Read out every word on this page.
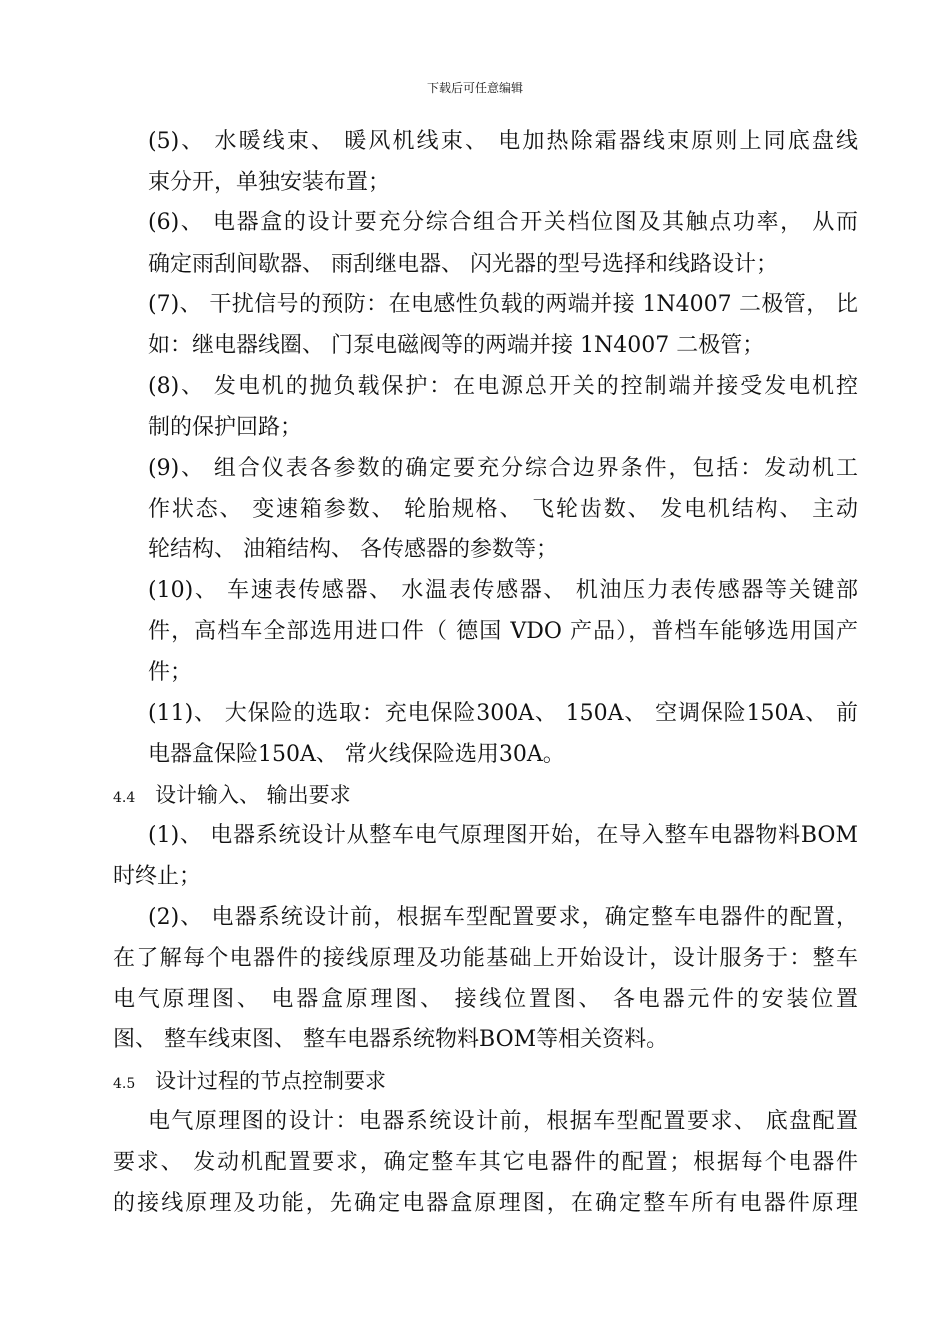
下载后可任意编辑
(5)、 水暖线束、 暖风机线束、 电加热除霜器线束原则上同底盘线
束分开，单独安装布置；
(6)、 电器盒的设计要充分综合组合开关档位图及其触点功率， 从而
确定雨刮间歇器、 雨刮继电器、 闪光器的型号选择和线路设计；
(7)、 干扰信号的预防：在电感性负载的两端并接 1N4007 二极管， 比
如：继电器线圈、 门泵电磁阀等的两端并接 1N4007 二极管；
(8)、 发电机的抛负载保护：在电源总开关的控制端并接受发电机控
制的保护回路；
(9)、 组合仪表各参数的确定要充分综合边界条件，包括：发动机工
作状态、 变速箱参数、 轮胎规格、 飞轮齿数、 发电机结构、 主动
轮结构、 油箱结构、 各传感器的参数等；
(10)、 车速表传感器、 水温表传感器、 机油压力表传感器等关键部
件，高档车全部选用进口件（ 德国 VDO 产品），普档车能够选用国产
件；
(11)、 大保险的选取：充电保险300A、 150A、 空调保险150A、 前
电器盒保险150A、 常火线保险选用30A。
4.4 设计输入、 输出要求
(1)、 电器系统设计从整车电气原理图开始，在导入整车电器物料BOM
时终止；
(2)、 电器系统设计前，根据车型配置要求，确定整车电器件的配置，
在了解每个电器件的接线原理及功能基础上开始设计，设计服务于：整车
电气原理图、 电器盒原理图、 接线位置图、 各电器元件的安装位置
图、 整车线束图、 整车电器系统物料BOM等相关资料。
4.5 设计过程的节点控制要求
电气原理图的设计：电器系统设计前，根据车型配置要求、 底盘配置
要求、 发动机配置要求，确定整车其它电器件的配置；根据每个电器件
的接线原理及功能，先确定电器盒原理图，在确定整车所有电器件原理
